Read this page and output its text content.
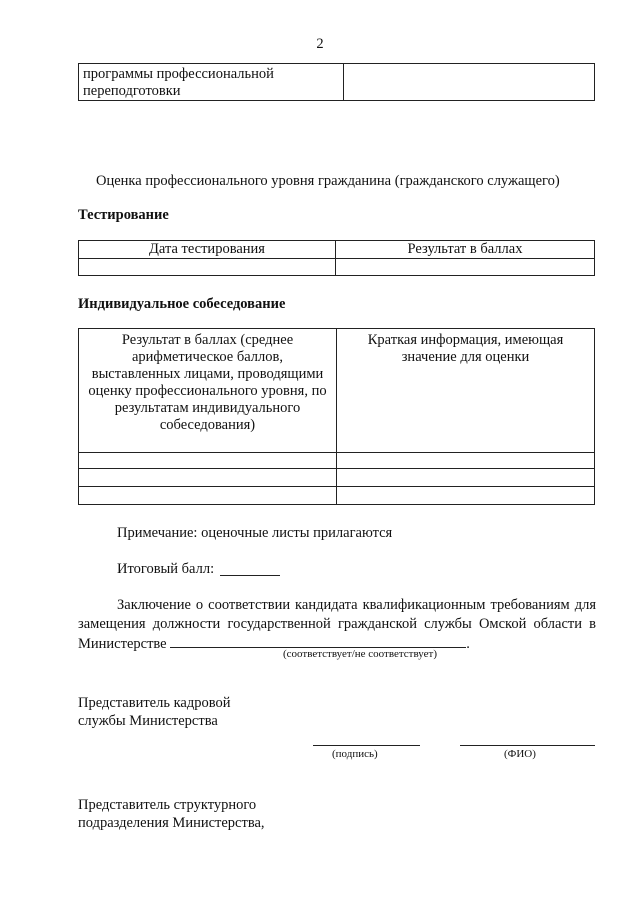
2
программы профессиональной переподготовки	
Оценка профессионального уровня гражданина (гражданского служащего)
Тестирование
Дата тестирования	Результат в баллах

Индивидуальное собеседование
Результат в баллах (среднее арифметическое баллов, выставленных лицами, проводящими оценку профессионального уровня, по результатам индивидуального собеседования)	Краткая информация, имеющая значение для оценки

Примечание: оценочные листы прилагаются
Итоговый балл:
Заключение о соответствии кандидата квалификационным требованиям для замещения должности государственной гражданской службы Омской области в Министерстве	.
(соответствует/не соответствует)
Представитель кадровой
службы Министерства
(подпись)	(ФИО)
Представитель структурного
подразделения Министерства,
